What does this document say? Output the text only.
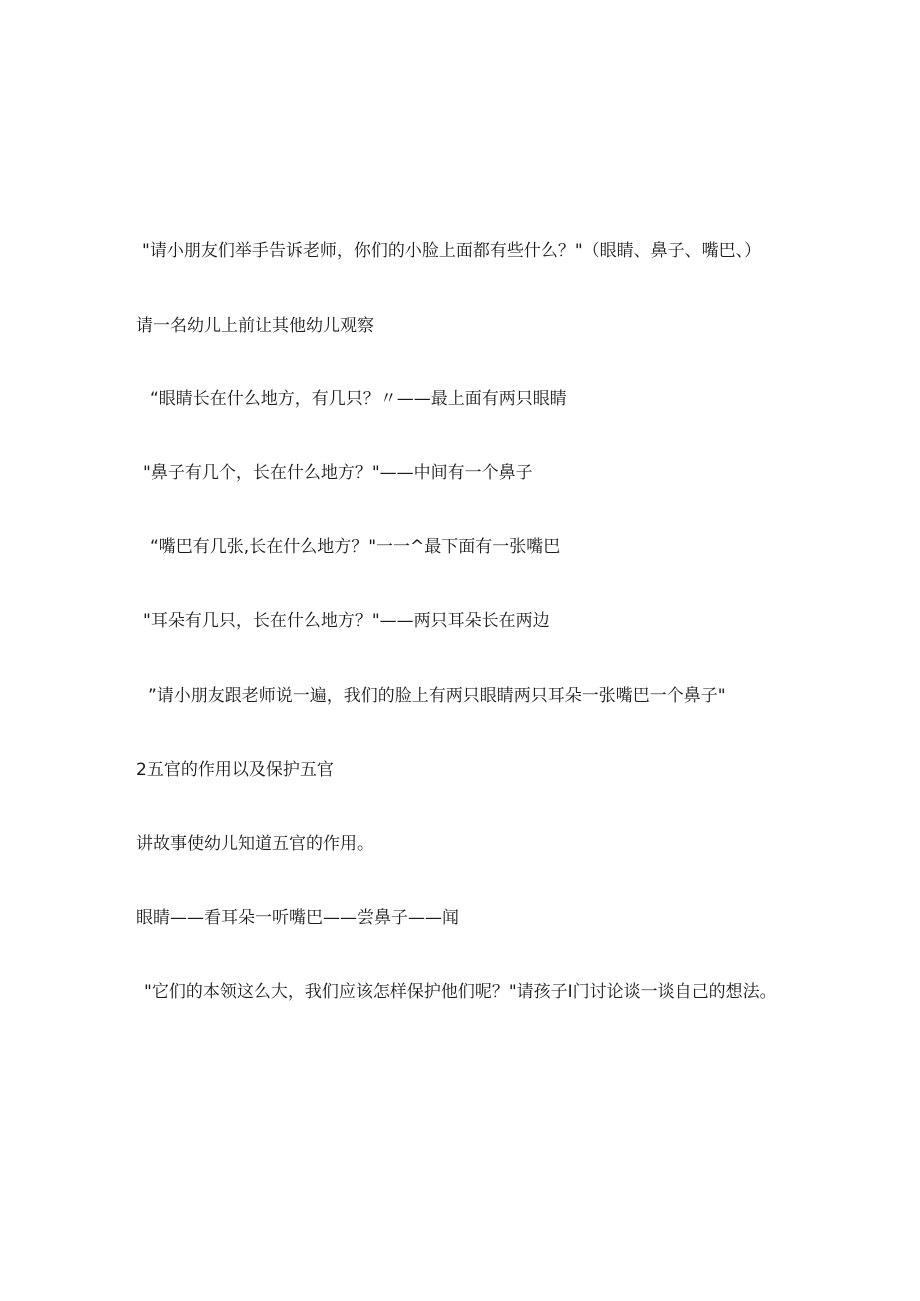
"请小朋友们举手告诉老师，你们的小脸上面都有些什么？"（眼睛、鼻子、嘴巴、）
请一名幼儿上前让其他幼儿观察
“眼睛长在什么地方，有几只？〃——最上面有两只眼睛
"鼻子有几个，长在什么地方？"——中间有一个鼻子
“嘴巴有几张,长在什么地方？"一一^最下面有一张嘴巴
"耳朵有几只，长在什么地方？"——两只耳朵长在两边
”请小朋友跟老师说一遍，我们的脸上有两只眼睛两只耳朵一张嘴巴一个鼻子"
2五官的作用以及保护五官
讲故事使幼儿知道五官的作用。
眼睛——看耳朵一听嘴巴——尝鼻子——闻
"它们的本领这么大，我们应该怎样保护他们呢？"请孩子I门讨论谈一谈自己的想法。
